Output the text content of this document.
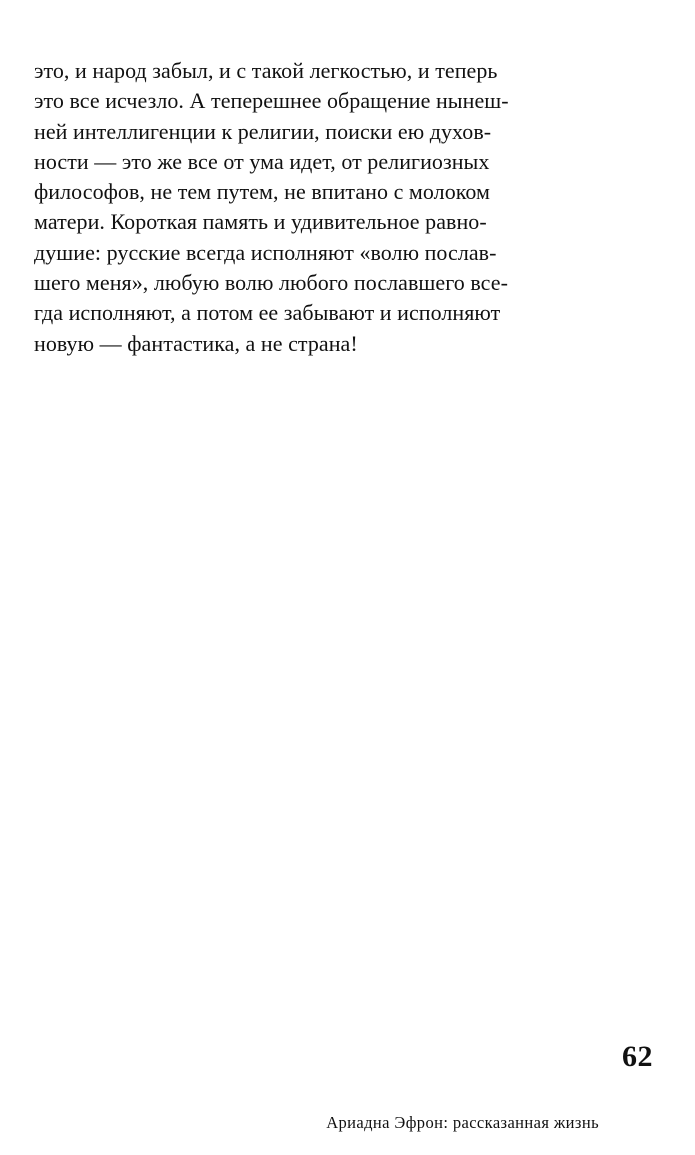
это, и народ забыл, и с такой легкостью, и теперь
это все исчезло. А теперешнее обращение нынеш-
ней интеллигенции к религии, поиски ею духов-
ности — это же все от ума идет, от религиозных
философов, не тем путем, не впитано с молоком
матери. Короткая память и удивительное равно-
душие: русские всегда исполняют «волю послав-
шего меня», любую волю любого пославшего все-
гда исполняют, а потом ее забывают и исполняют
новую — фантастика, а не страна!
62
Ариадна Эфрон: рассказанная жизнь
